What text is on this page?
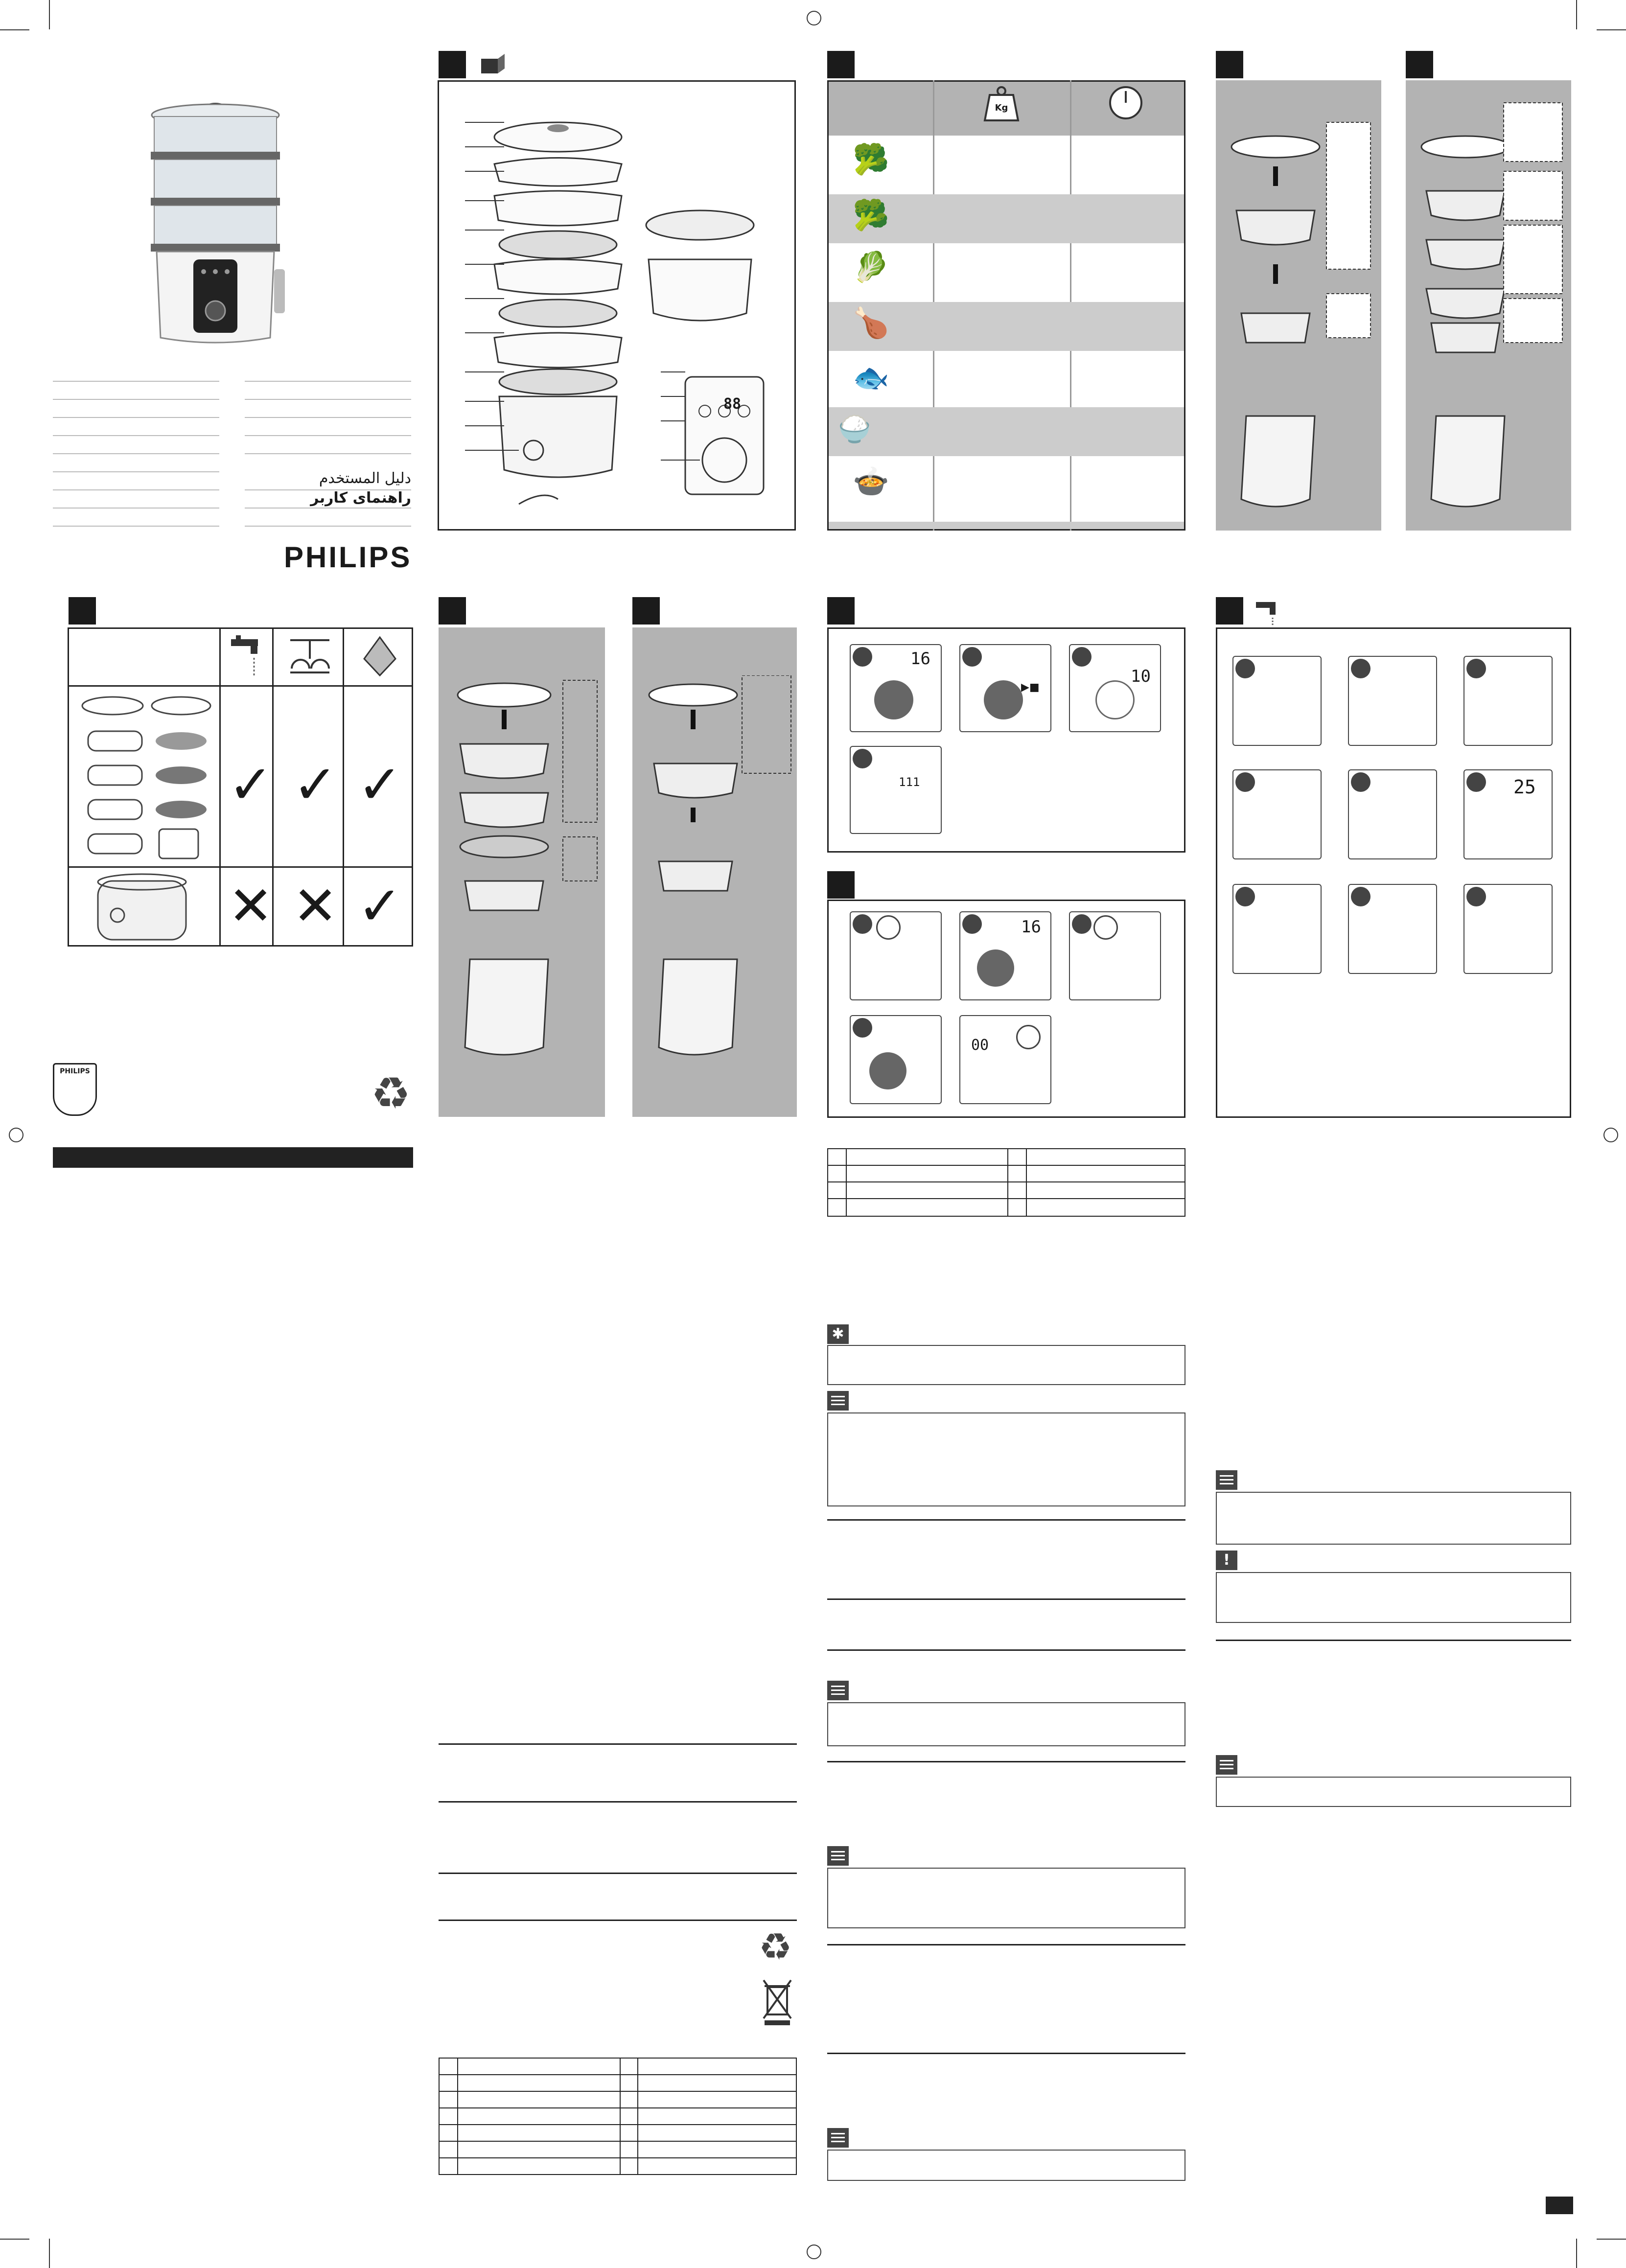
دليل المستخدم
راهنمای کاربر
PHILIPS
✓ ✓ ✓
✕ ✕ ✓
PHILIPS	♻
88
♻
Kg
🥦
🥦
🥬
🍗
🐟
🍚
🍲
16
10
111
▶■
16
00
✱
25
!
